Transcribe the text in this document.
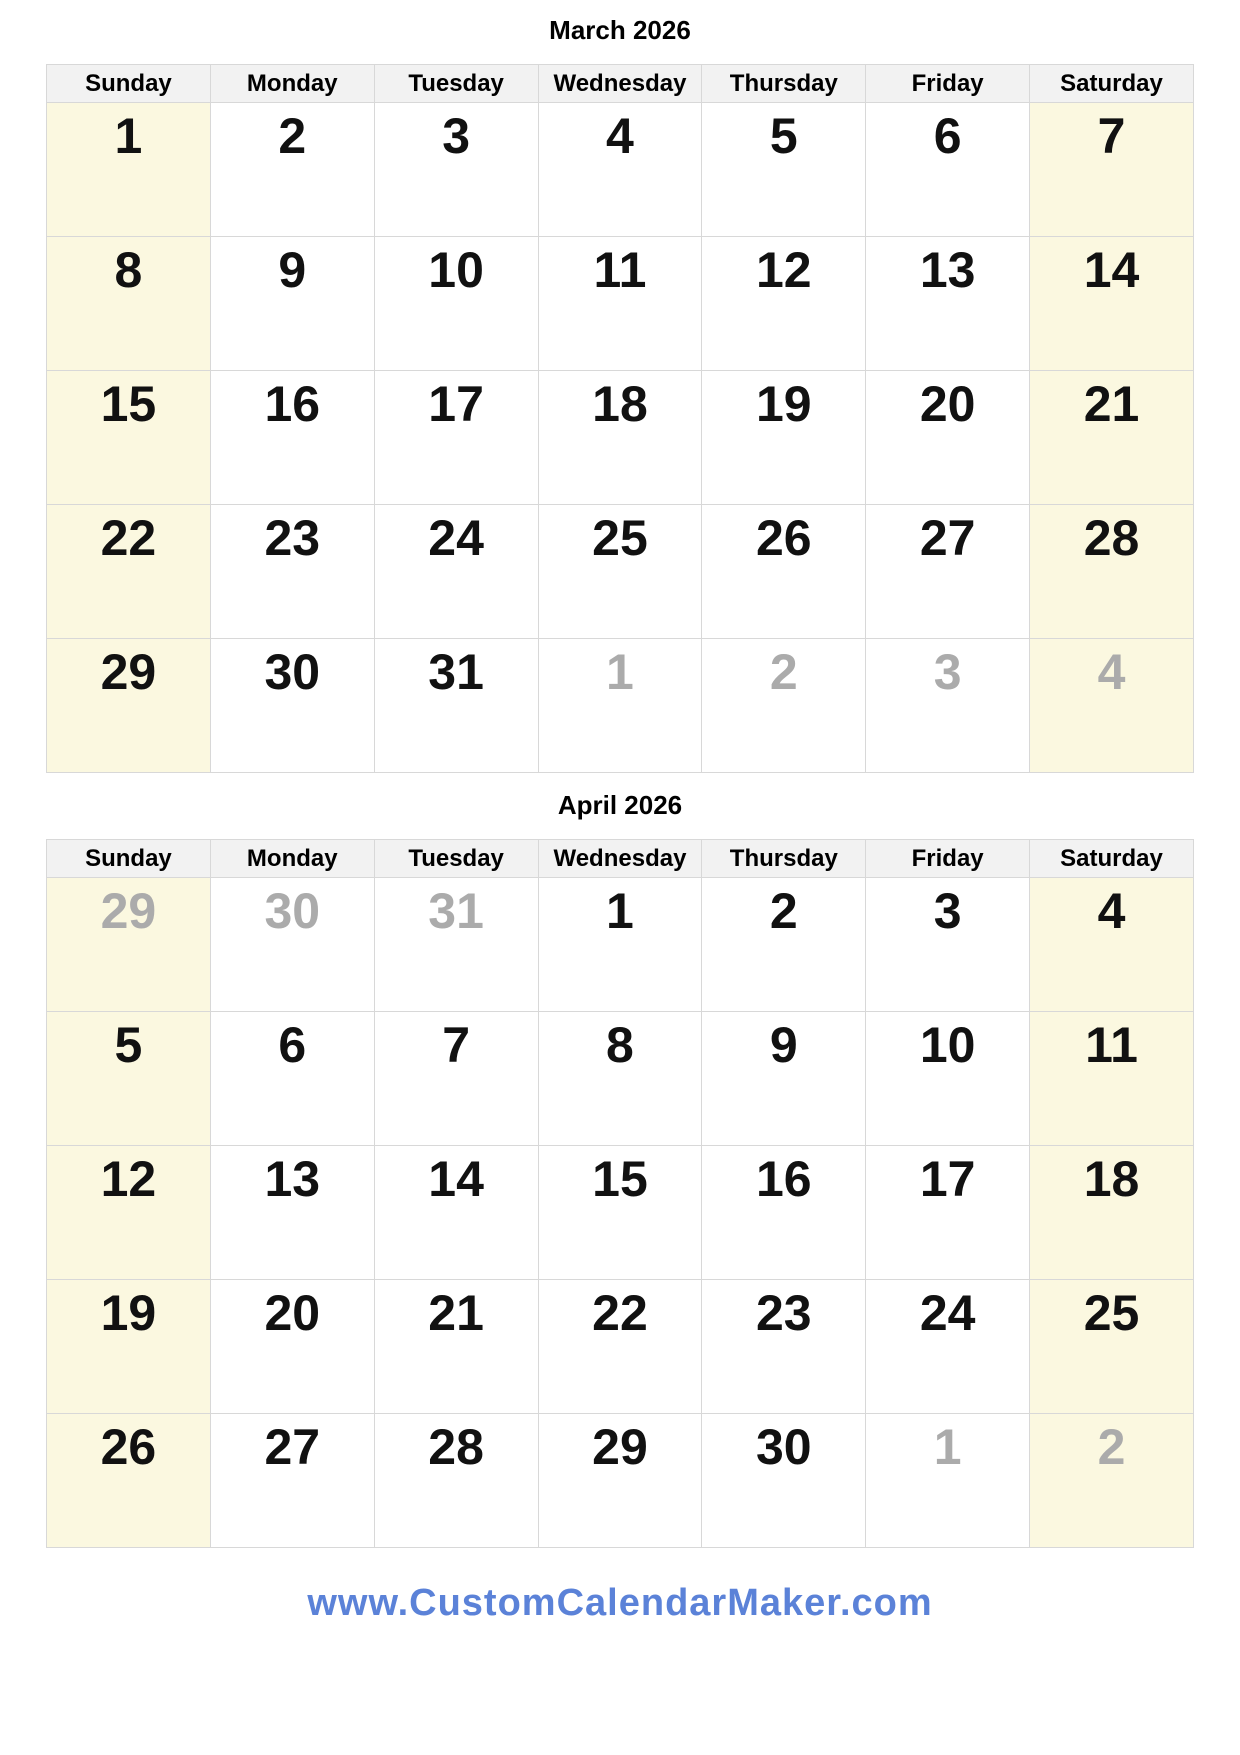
March 2026
Sunday	Monday	Tuesday	Wednesday	Thursday	Friday	Saturday
1	2	3	4	5	6	7
8	9	10	11	12	13	14
15	16	17	18	19	20	21
22	23	24	25	26	27	28
29	30	31	1	2	3	4
April 2026
Sunday	Monday	Tuesday	Wednesday	Thursday	Friday	Saturday
29	30	31	1	2	3	4
5	6	7	8	9	10	11
12	13	14	15	16	17	18
19	20	21	22	23	24	25
26	27	28	29	30	1	2
www.CustomCalendarMaker.com
